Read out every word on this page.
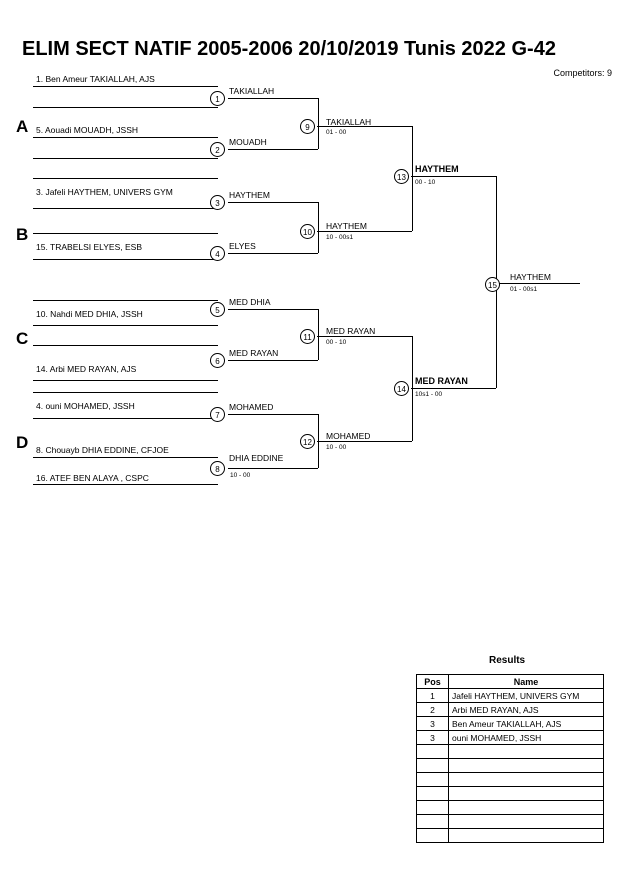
ELIM SECT NATIF 2005-2006 20/10/2019 Tunis 2022 G-42
Competitors: 9
A
B
C
D
1. Ben Ameur TAKIALLAH, AJS
5. Aouadi MOUADH, JSSH
3. Jafeli HAYTHEM, UNIVERS GYM
15. TRABELSI ELYES, ESB
10. Nahdi MED DHIA, JSSH
14. Arbi MED RAYAN, AJS
4. ouni MOHAMED, JSSH
8. Chouayb DHIA EDDINE, CFJOE
16. ATEF BEN ALAYA , CSPC
TAKIALLAH
MOUADH
HAYTHEM
ELYES
MED DHIA
MED RAYAN
MOHAMED
DHIA EDDINE
10 - 00
1
2
3
4
5
6
7
8
TAKIALLAH
01 - 00
HAYTHEM
10 - 00s1
MED RAYAN
00 - 10
MOHAMED
10 - 00
9
10
11
12
HAYTHEM
00 - 10
MED RAYAN
10s1 - 00
13
14
HAYTHEM
01 - 00s1
15
Results
Pos	Name
1	Jafeli HAYTHEM, UNIVERS GYM
2	Arbi MED RAYAN, AJS
3	Ben Ameur TAKIALLAH, AJS
3	ouni MOHAMED, JSSH
